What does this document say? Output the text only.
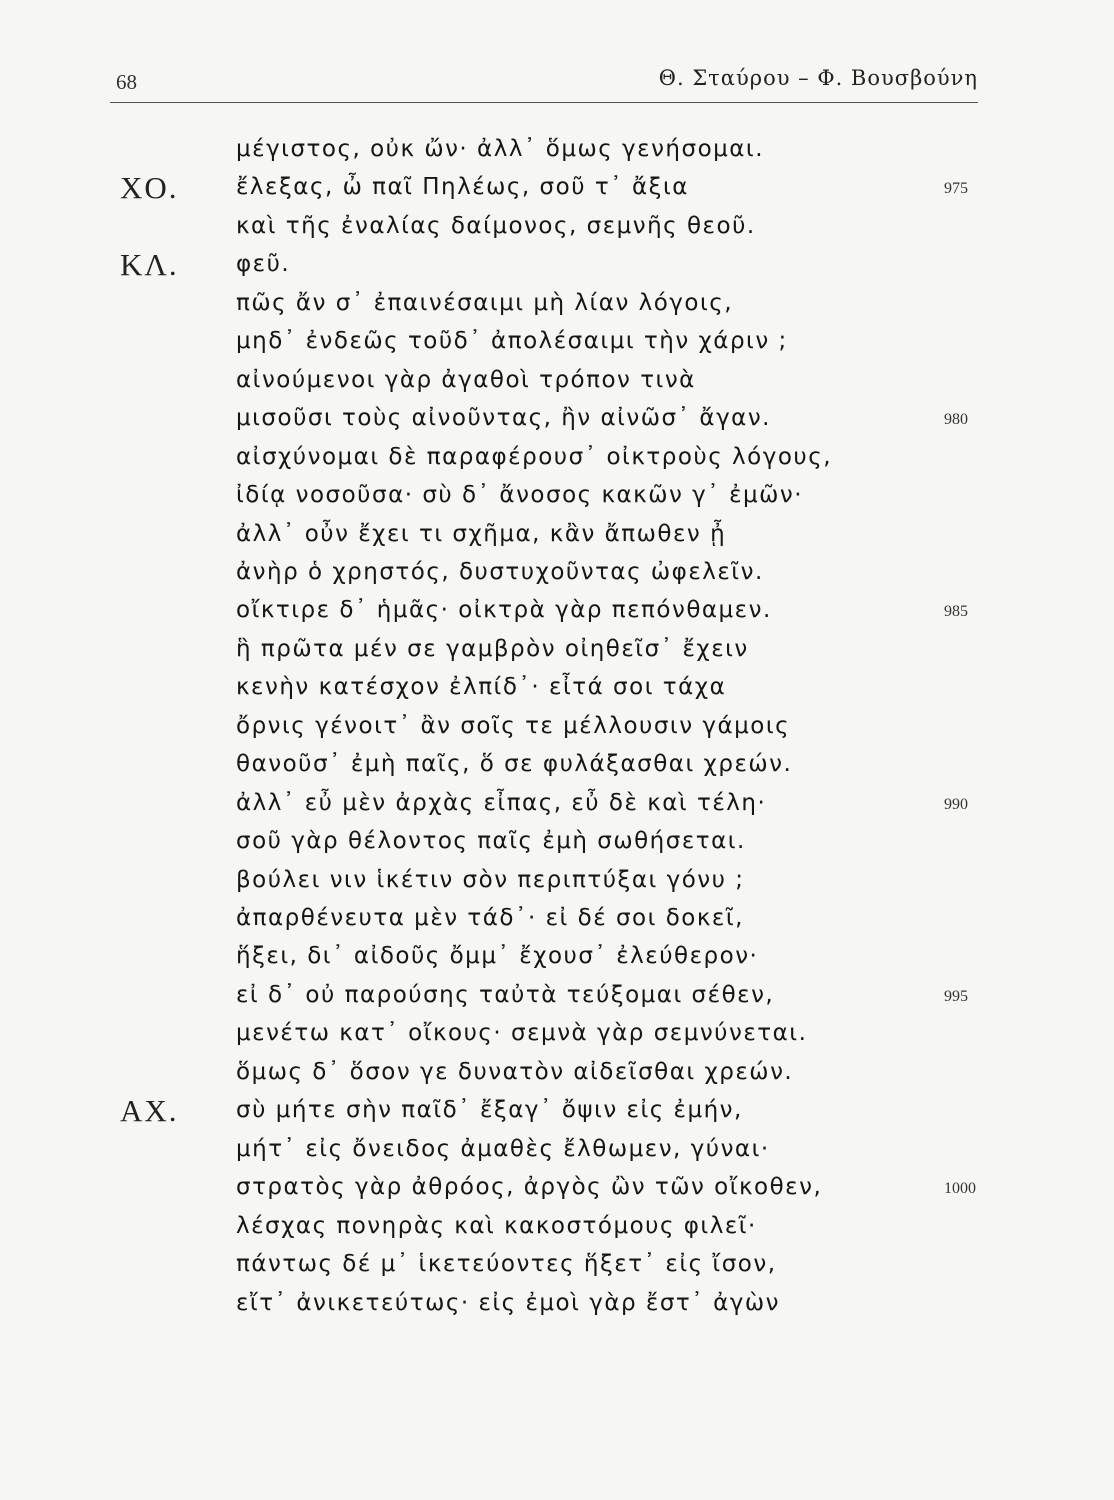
68	Θ. Σταύρου – Φ. Βουσβούνη
μέγιστος, οὐκ ὤν· ἀλλ᾽ ὅμως γενήσομαι.
ΧΟ. ἔλεξας, ὦ παῖ Πηλέως, σοῦ τ᾽ ἄξια	975
καὶ τῆς ἐναλίας δαίμονος, σεμνῆς θεοῦ.
ΚΛ. φεῦ.
πῶς ἄν σ᾽ ἐπαινέσαιμι μὴ λίαν λόγοις,
μηδ᾽ ἐνδεῶς τοῦδ᾽ ἀπολέσαιμι τὴν χάριν ;
αἰνούμενοι γὰρ ἀγαθοὶ τρόπον τινὰ
μισοῦσι τοὺς αἰνοῦντας, ἢν αἰνῶσ᾽ ἄγαν.	980
αἰσχύνομαι δὲ παραφέρουσ᾽ οἰκτροὺς λόγους,
ἰδίᾳ νοσοῦσα· σὺ δ᾽ ἄνοσος κακῶν γ᾽ ἐμῶν·
ἀλλ᾽ οὖν ἔχει τι σχῆμα, κἂν ἄπωθεν ᾖ
ἀνὴρ ὁ χρηστός, δυστυχοῦντας ὠφελεῖν.
οἴκτιρε δ᾽ ἡμᾶς· οἰκτρὰ γὰρ πεπόνθαμεν.	985
ἣ πρῶτα μέν σε γαμβρὸν οἰηθεῖσ᾽ ἔχειν
κενὴν κατέσχον ἐλπίδ᾽· εἶτά σοι τάχα
ὄρνις γένοιτ᾽ ἂν σοῖς τε μέλλουσιν γάμοις
θανοῦσ᾽ ἐμὴ παῖς, ὅ σε φυλάξασθαι χρεών.
ἀλλ᾽ εὖ μὲν ἀρχὰς εἶπας, εὖ δὲ καὶ τέλη·	990
σοῦ γὰρ θέλοντος παῖς ἐμὴ σωθήσεται.
βούλει νιν ἱκέτιν σὸν περιπτύξαι γόνυ ;
ἀπαρθένευτα μὲν τάδ᾽· εἰ δέ σοι δοκεῖ,
ἥξει, δι᾽ αἰδοῦς ὄμμ᾽ ἔχουσ᾽ ἐλεύθερον·
εἰ δ᾽ οὐ παρούσης ταὐτὰ τεύξομαι σέθεν,	995
μενέτω κατ᾽ οἴκους· σεμνὰ γὰρ σεμνύνεται.
ὅμως δ᾽ ὅσον γε δυνατὸν αἰδεῖσθαι χρεών.
ΑΧ. σὺ μήτε σὴν παῖδ᾽ ἔξαγ᾽ ὄψιν εἰς ἐμήν,
μήτ᾽ εἰς ὄνειδος ἀμαθὲς ἔλθωμεν, γύναι·
στρατὸς γὰρ ἀθρόος, ἀργὸς ὢν τῶν οἴκοθεν,	1000
λέσχας πονηρὰς καὶ κακοστόμους φιλεῖ·
πάντως δέ μ᾽ ἱκετεύοντες ἥξετ᾽ εἰς ἴσον,
εἴτ᾽ ἀνικετεύτως· εἰς ἐμοὶ γὰρ ἔστ᾽ ἀγὼν
